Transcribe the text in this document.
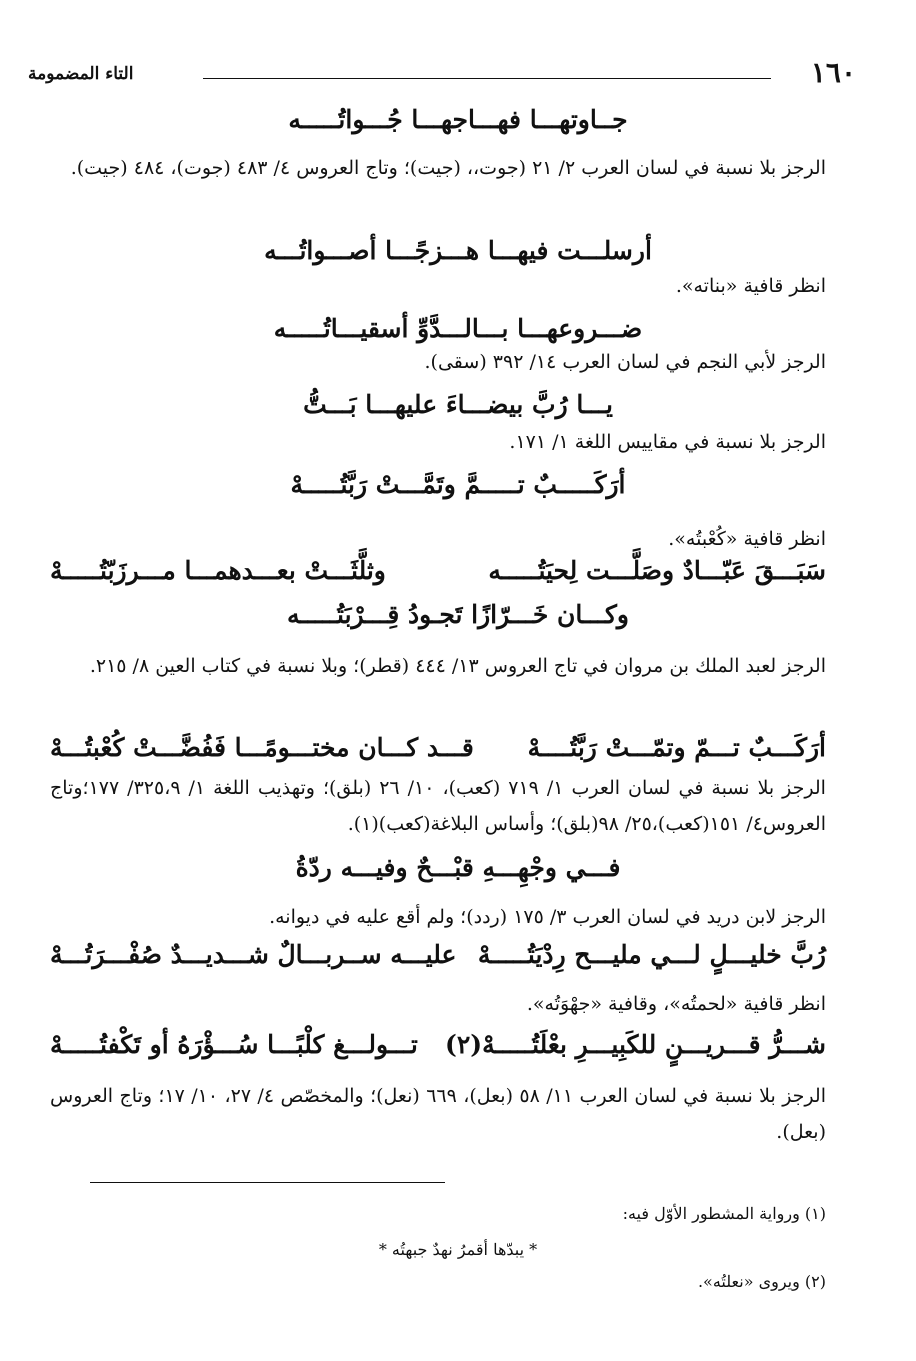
١٦٠
التاء المضمومة
جــاوتهـــا فهـــاجهـــا جُـــواتُـــــه
الرجز بلا نسبة في لسان العرب ٢/ ٢١ (جوت،، (جيت)؛ وتاج العروس ٤/ ٤٨٣ (جوت)، ٤٨٤ (جيت).
أرسلـــت فيهـــا هـــزجًـــا أصـــواتُـــه
انظر قافية «بناته».
ضـــروعهـــا بـــالـــدَّوِّ أسقيـــاتُـــــه
الرجز لأبي النجم في لسان العرب ١٤/ ٣٩٢ (سقى).
يـــا رُبَّ بيضـــاءَ عليهـــا بَـــتُّ
الرجز بلا نسبة في مقاييس اللغة ١/ ١٧١.
أرَكَـــــبٌ تـــــمَّ وتَمَّـــتْ رَبَّتُـــــهْ
انظر قافية «كُعْبتُه».
سَبَـــقَ عَبّـــادٌ وصَلَّـــت لِحيَتُـــــه
وثلَّثَـــتْ بعـــدهمـــا مـــرزَبّتُـــــهْ
وكـــان خَـــرّازًا تَجـودُ قِـــرْبَتُـــــه
الرجز لعبد الملك بن مروان في تاج العروس ١٣/ ٤٤٤ (قطر)؛ وبلا نسبة في كتاب العين ٨/ ٢١٥.
أرَكَـــبٌ تـــمّ وتمّـــتْ رَبَّتُــــهْ
قـــد كـــان مختـــومًـــا فَفُضَّـــتْ كُعْبتُـــهْ
الرجز بلا نسبة في لسان العرب ١/ ٧١٩ (كعب)، ١٠/ ٢٦ (بلق)؛ وتهذيب اللغة ١/ ٣٢٥،٩/ ١٧٧؛وتاج العروس٤/ ١٥١(كعب)،٢٥/ ٩٨(بلق)؛ وأساس البلاغة(كعب)(١).
فـــي وجْهِـــهِ قبْـــحٌ وفيـــه ردّةُ
الرجز لابن دريد في لسان العرب ٣/ ١٧٥ (ردد)؛ ولم أقع عليه في ديوانه.
رُبَّ خليـــلٍ لـــي مليـــح رِدْيَتُـــــهْ
عليـــه ســربـــالٌ شـــديـــدٌ صُفْـــرَتُـــهْ
انظر قافية «لحمتُه»، وقافية «جهْوَتُه».
شـــرُّ قـــريـــنٍ للكَبِيـــرِ بعْلَتُـــــهْ(٢)
تـــولـــغ كلْبًـــا سُـــؤْرَهُ أو تَكْفتُـــــهْ
الرجز بلا نسبة في لسان العرب ١١/ ٥٨ (بعل)، ٦٦٩ (نعل)؛ والمخصّص ٤/ ٢٧، ١٠/ ١٧؛ وتاج العروس (بعل).
(١) ورواية المشطور الأوّل فيه:
* يبدّها أقمرُ نهدٌ جبهتُه *
(٢) ويروى «نعلتُه».
